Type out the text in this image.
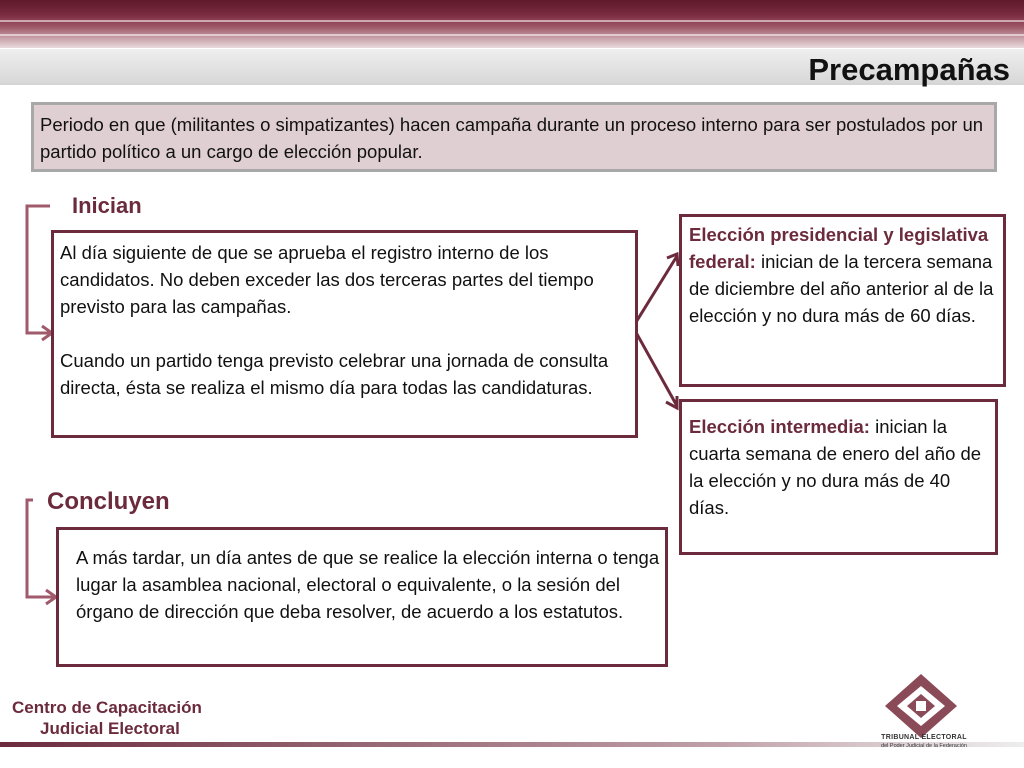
Precampañas
Periodo en que (militantes o simpatizantes) hacen campaña durante un proceso interno para ser postulados por un partido político a un cargo de elección popular.
Inician

Al día siguiente de que se aprueba el registro interno de los candidatos. No deben exceder las dos terceras partes del tiempo previsto para las campañas.

Cuando un partido tenga previsto celebrar una jornada de consulta directa, ésta se realiza el mismo día para todas las candidaturas.

Elección presidencial y legislativa federal: inician de la tercera semana de diciembre del año anterior al de la elección y no dura más de 60 días.
Elección intermedia: inician la cuarta semana de enero del año de la elección y no dura más de 40 días.
Concluyen
A más tardar, un día antes de que se realice la elección interna o tenga lugar la asamblea nacional, electoral o equivalente, o la sesión del órgano de dirección que deba resolver, de acuerdo a los estatutos.
Centro de Capacitación
Judicial Electoral	TRIBUNAL ELECTORAL
del Poder Judicial de la Federación
